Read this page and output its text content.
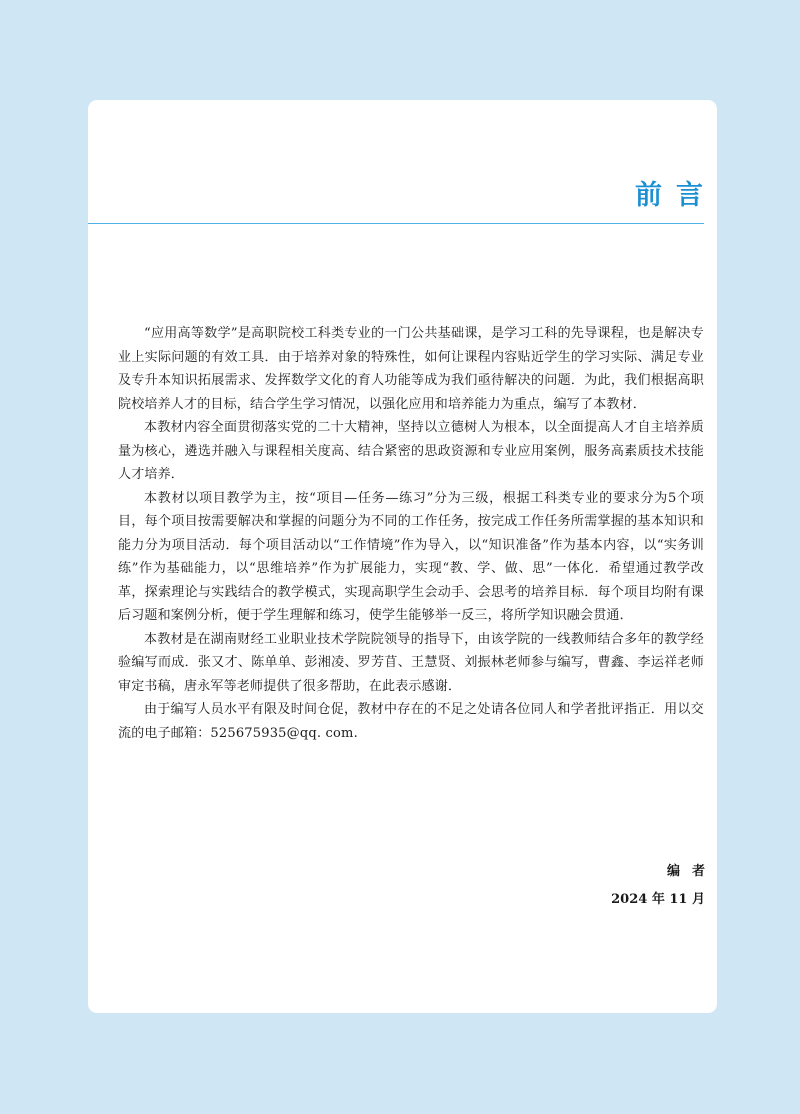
前言

“应用高等数学”是高职院校工科类专业的一门公共基础课，是学习工科的先导课程，也是解决专业上实际问题的有效工具．由于培养对象的特殊性，如何让课程内容贴近学生的学习实际、满足专业及专升本知识拓展需求、发挥数学文化的育人功能等成为我们亟待解决的问题．为此，我们根据高职院校培养人才的目标，结合学生学习情况，以强化应用和培养能力为重点，编写了本教材．

本教材内容全面贯彻落实党的二十大精神，坚持以立德树人为根本，以全面提高人才自主培养质量为核心，遴选并融入与课程相关度高、结合紧密的思政资源和专业应用案例，服务高素质技术技能人才培养．

本教材以项目教学为主，按“项目—任务—练习”分为三级，根据工科类专业的要求分为5个项目，每个项目按需要解决和掌握的问题分为不同的工作任务，按完成工作任务所需掌握的基本知识和能力分为项目活动．每个项目活动以“工作情境”作为导入，以“知识准备”作为基本内容，以“实务训练”作为基础能力，以“思维培养”作为扩展能力，实现“教、学、做、思”一体化．希望通过教学改革，探索理论与实践结合的教学模式，实现高职学生会动手、会思考的培养目标．每个项目均附有课后习题和案例分析，便于学生理解和练习，使学生能够举一反三，将所学知识融会贯通．

本教材是在湖南财经工业职业技术学院院领导的指导下，由该学院的一线教师结合多年的教学经验编写而成．张又才、陈单单、彭湘凌、罗芳苜、王慧贤、刘振林老师参与编写，曹鑫、李运祥老师审定书稿，唐永军等老师提供了很多帮助，在此表示感谢．

由于编写人员水平有限及时间仓促，教材中存在的不足之处请各位同人和学者批评指正．用以交流的电子邮箱：525675935@qq. com.

编者
2024 年 11 月
